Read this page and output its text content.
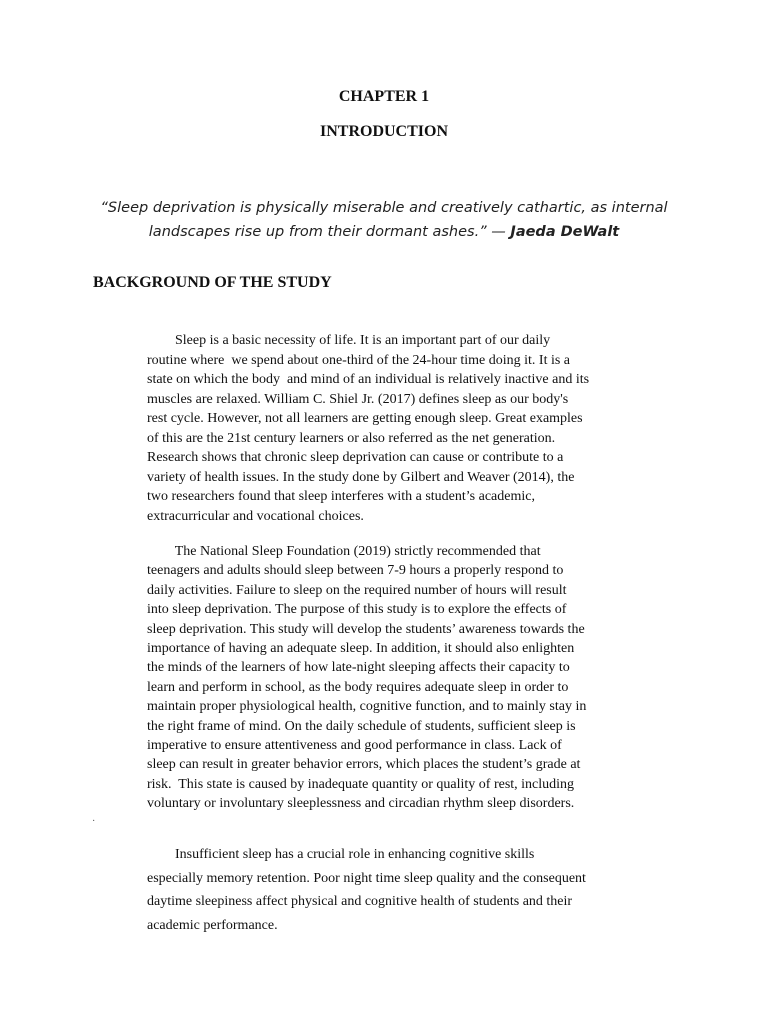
CHAPTER 1
INTRODUCTION
“Sleep deprivation is physically miserable and creatively cathartic, as internal
landscapes rise up from their dormant ashes.” — Jaeda DeWalt
BACKGROUND OF THE STUDY
Sleep is a basic necessity of life. It is an important part of our daily
routine where  we spend about one-third of the 24-hour time doing it. It is a
state on which the body  and mind of an individual is relatively inactive and its
muscles are relaxed. William C. Shiel Jr. (2017) defines sleep as our body's
rest cycle. However, not all learners are getting enough sleep. Great examples
of this are the 21st century learners or also referred as the net generation.
Research shows that chronic sleep deprivation can cause or contribute to a
variety of health issues. In the study done by Gilbert and Weaver (2014), the
two researchers found that sleep interferes with a student’s academic,
extracurricular and vocational choices.
The National Sleep Foundation (2019) strictly recommended that
teenagers and adults should sleep between 7-9 hours a properly respond to
daily activities. Failure to sleep on the required number of hours will result
into sleep deprivation. The purpose of this study is to explore the effects of
sleep deprivation. This study will develop the students’ awareness towards the
importance of having an adequate sleep. In addition, it should also enlighten
the minds of the learners of how late-night sleeping affects their capacity to
learn and perform in school, as the body requires adequate sleep in order to
maintain proper physiological health, cognitive function, and to mainly stay in
the right frame of mind. On the daily schedule of students, sufficient sleep is
imperative to ensure attentiveness and good performance in class. Lack of
sleep can result in greater behavior errors, which places the student’s grade at
risk.  This state is caused by inadequate quantity or quality of rest, including
voluntary or involuntary sleeplessness and circadian rhythm sleep disorders.
·
Insufficient sleep has a crucial role in enhancing cognitive skills
especially memory retention. Poor night time sleep quality and the consequent
daytime sleepiness affect physical and cognitive health of students and their
academic performance.
